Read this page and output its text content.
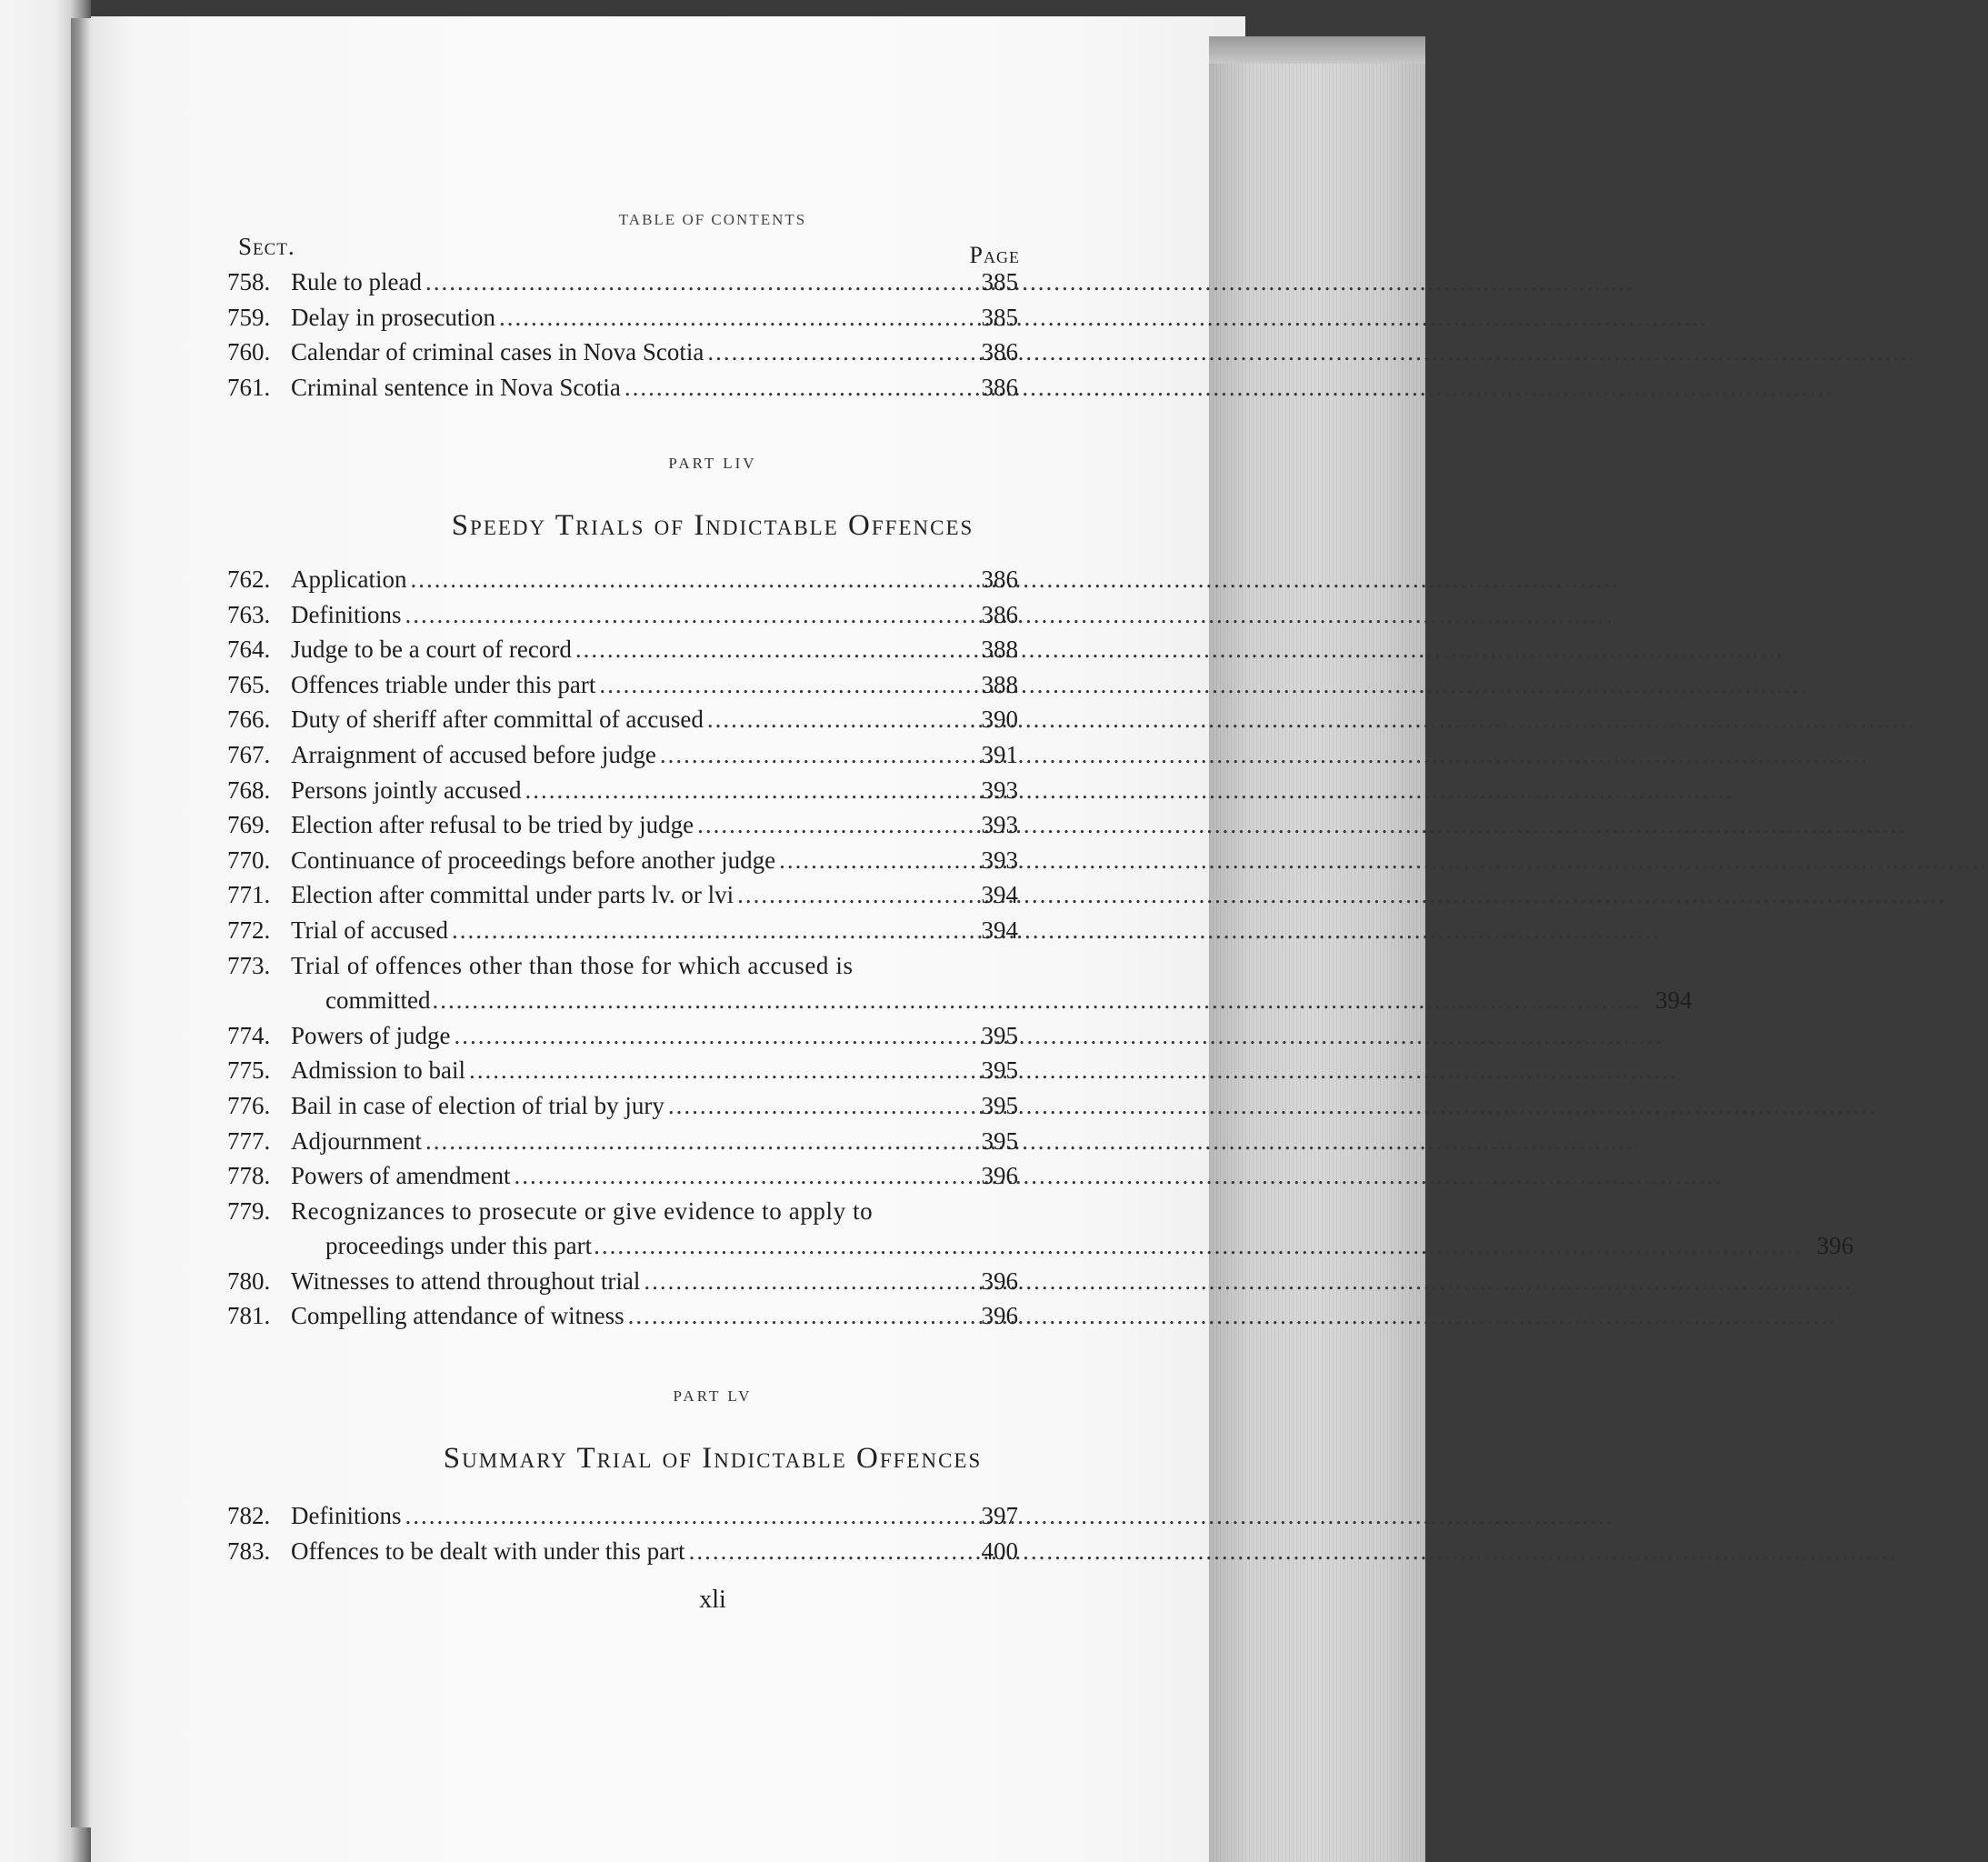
TABLE OF CONTENTS
Sect.	Page
758. Rule to plead .....	385
759. Delay in prosecution .....	385
760. Calendar of criminal cases in Nova Scotia .....	386
761. Criminal sentence in Nova Scotia .....	386
PART LIV
Speedy Trials of Indictable Offences
762. Application .....	386
763. Definitions .....	386
764. Judge to be a court of record .....	388
765. Offences triable under this part .....	388
766. Duty of sheriff after committal of accused .....	390
767. Arraignment of accused before judge .....	391
768. Persons jointly accused .....	393
769. Election after refusal to be tried by judge .....	393
770. Continuance of proceedings before another judge .....	393
771. Election after committal under parts lv. or lvi .....	394
772. Trial of accused .....	394
773. Trial of offences other than those for which accused is
committed .....	394
774. Powers of judge .....	395
775. Admission to bail .....	395
776. Bail in case of election of trial by jury .....	395
777. Adjournment .....	395
778. Powers of amendment .....	396
779. Recognizances to prosecute or give evidence to apply to
proceedings under this part .....	396
780. Witnesses to attend throughout trial .....	396
781. Compelling attendance of witness .....	396
PART LV
Summary Trial of Indictable Offences
782. Definitions .....	397
783. Offences to be dealt with under this part .....	400
xli
